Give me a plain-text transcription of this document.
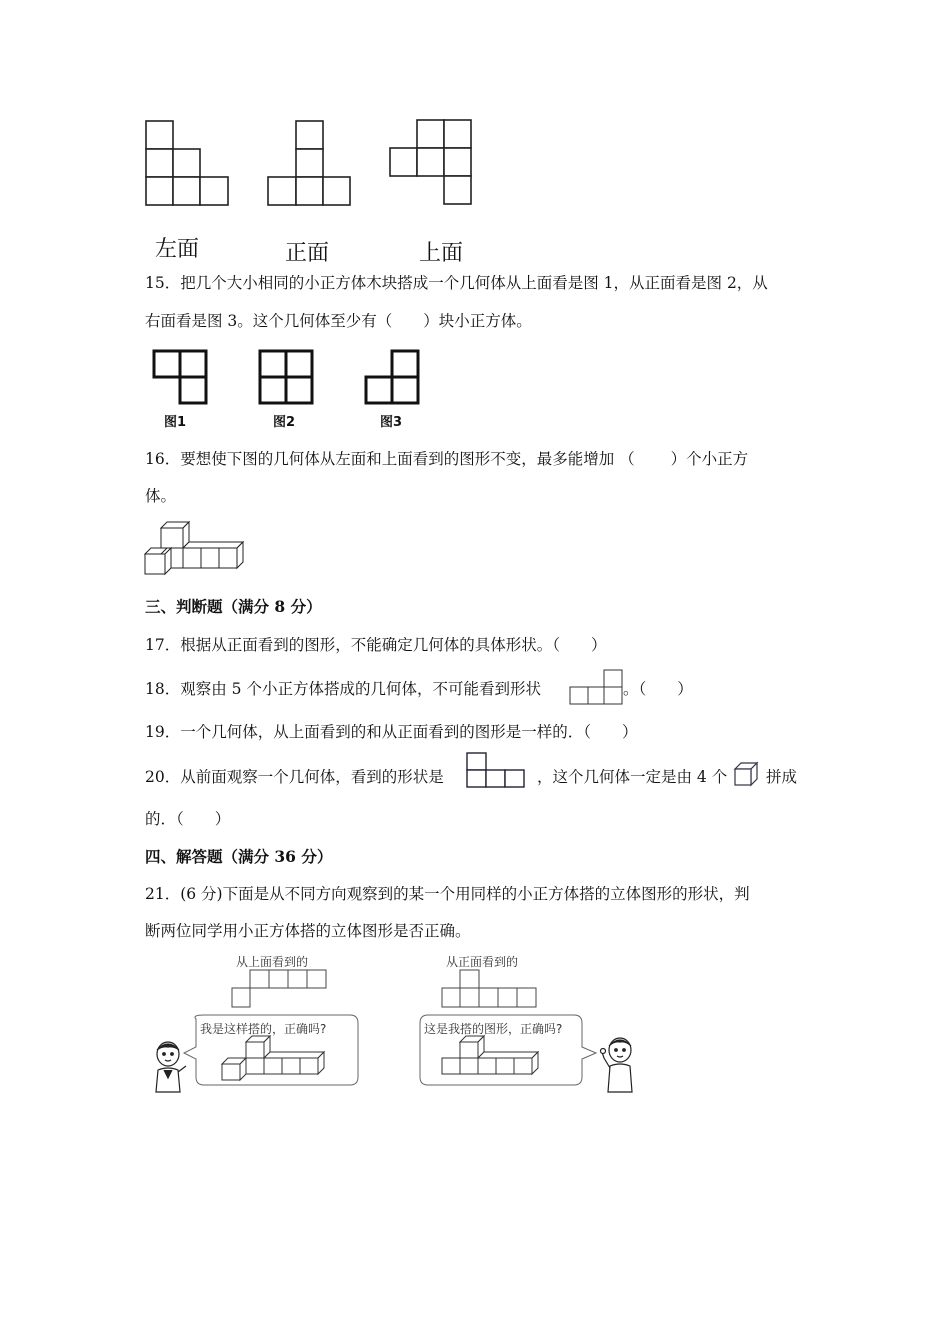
左面	正面	上面
15．把几个大小相同的小正方体木块搭成一个几何体从上面看是图 1，从正面看是图 2，从
右面看是图 3。这个几何体至少有（　　）块小正方体。
图1	图2	图3
16．要想使下图的几何体从左面和上面看到的图形不变，最多能增加 （　　 ）个小正方
体。
三、判断题（满分 8 分）
17．根据从正面看到的图形，不能确定几何体的具体形状。（　　）
18．观察由 5 个小正方体搭成的几何体，不可能看到形状	。（　　）
19．一个几何体，从上面看到的和从正面看到的图形是一样的．（　　）
20．从前面观察一个几何体，看到的形状是	，这个几何体一定是由 4 个	拼成
的．（　　）
四、解答题（满分 36 分）
21．(6 分)下面是从不同方向观察到的某一个用同样的小正方体搭的立体图形的形状，判
断两位同学用小正方体搭的立体图形是否正确。
从上面看到的
我是这样搭的，正确吗?
从正面看到的
这是我搭的图形，正确吗?
